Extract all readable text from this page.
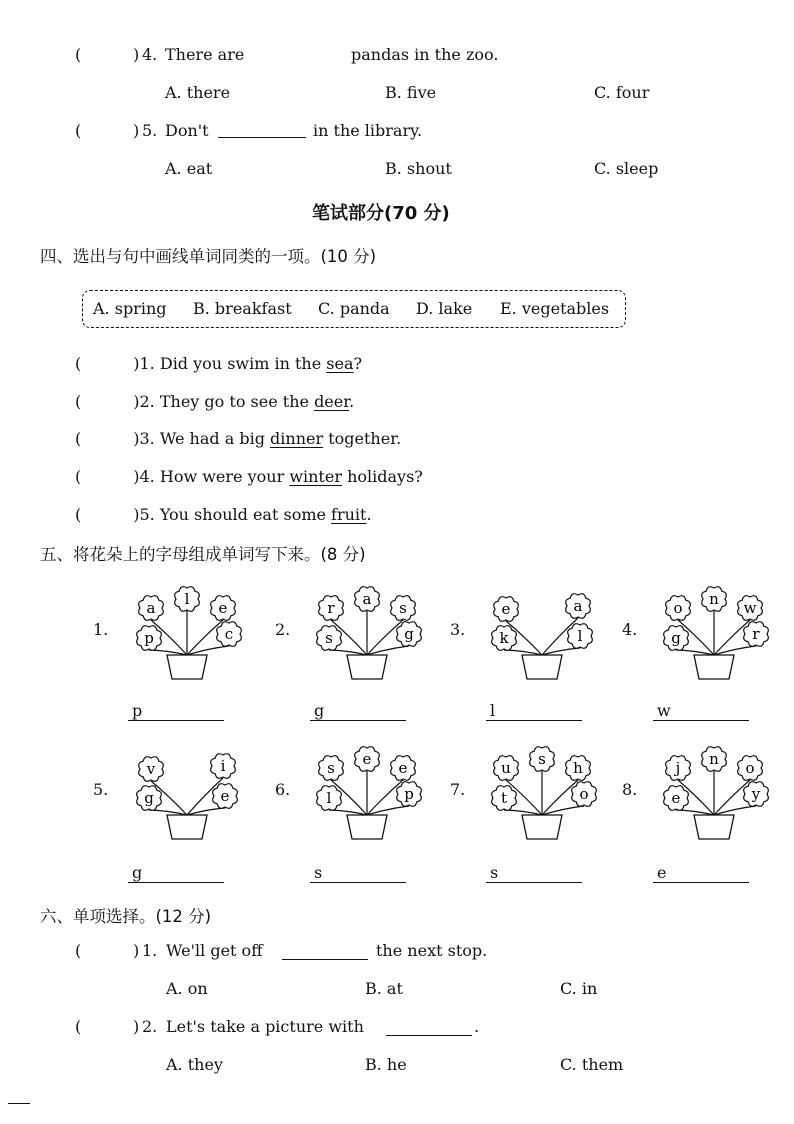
(	) 4. There are	pandas in the zoo.
A. there	B. five	C. four
(	) 5. Don't	in the library.
A. eat	B. shout	C. sleep
笔试部分(70 分)
四、选出与句中画线单词同类的一项。(10 分)
A. spring B. breakfast C. panda D. lake E. vegetables
(	)1. Did you swim in the sea?
(	)2. They go to see the deer.
(	)3. We had a big dinner together.
(	)4. How were your winter holidays?
(	)5. You should eat some fruit.
五、将花朵上的字母组成单词写下来。(8 分)
1.
a l e
p	c
p
2.
r a s
s	g
g
3.
e	a
k	l
l
4.
o n w
g	r
w
5.
v	i
g	e
g
6.
s e e
l	p
s
7.
u s h
t	o
s
8.
j n o
e	y
e
六、单项选择。(12 分)
(	) 1. We'll get off	the next stop.
A. on	B. at	C. in
(	) 2. Let's take a picture with	.
A. they	B. he	C. them
